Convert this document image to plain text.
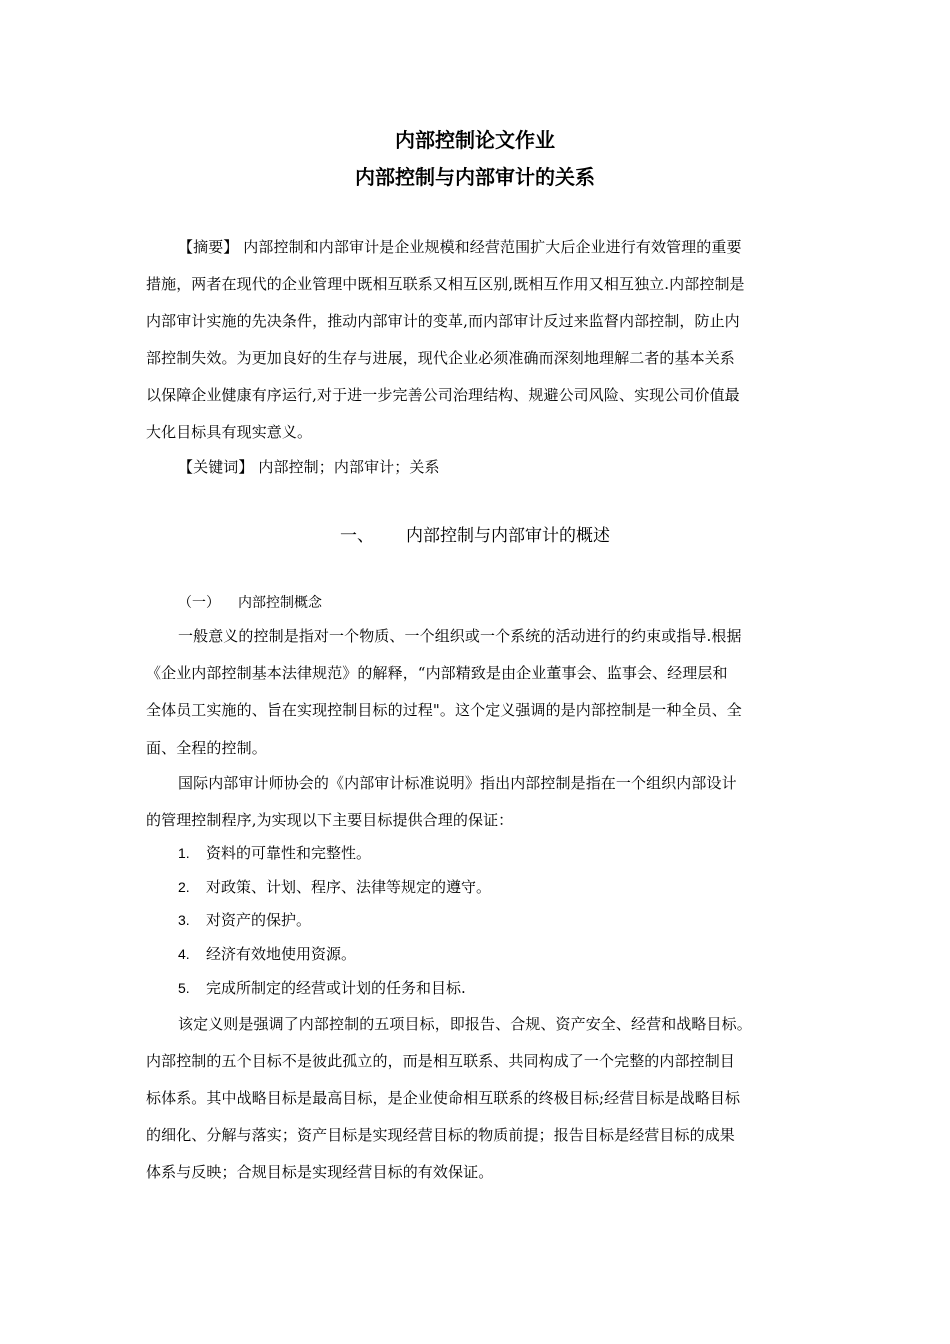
内部控制论文作业
内部控制与内部审计的关系
【摘要】 内部控制和内部审计是企业规模和经营范围扩大后企业进行有效管理的重要
措施，两者在现代的企业管理中既相互联系又相互区别,既相互作用又相互独立.内部控制是
内部审计实施的先决条件，推动内部审计的变革,而内部审计反过来监督内部控制，防止内
部控制失效。为更加良好的生存与进展，现代企业必须准确而深刻地理解二者的基本关系
以保障企业健康有序运行,对于进一步完善公司治理结构、规避公司风险、实现公司价值最
大化目标具有现实意义。
【关键词】 内部控制；内部审计；关系
一、 内部控制与内部审计的概述
（一） 内部控制概念
一般意义的控制是指对一个物质、一个组织或一个系统的活动进行的约束或指导.根据
《企业内部控制基本法律规范》的解释，“内部精致是由企业董事会、监事会、经理层和
全体员工实施的、旨在实现控制目标的过程"。这个定义强调的是内部控制是一种全员、全
面、全程的控制。
国际内部审计师协会的《内部审计标准说明》指出内部控制是指在一个组织内部设计
的管理控制程序,为实现以下主要目标提供合理的保证：
1. 资料的可靠性和完整性。
2. 对政策、计划、程序、法律等规定的遵守。
3. 对资产的保护。
4. 经济有效地使用资源。
5. 完成所制定的经营或计划的任务和目标.
该定义则是强调了内部控制的五项目标，即报告、合规、资产安全、经营和战略目标。
内部控制的五个目标不是彼此孤立的，而是相互联系、共同构成了一个完整的内部控制目
标体系。其中战略目标是最高目标，是企业使命相互联系的终极目标;经营目标是战略目标
的细化、分解与落实；资产目标是实现经营目标的物质前提；报告目标是经营目标的成果
体系与反映；合规目标是实现经营目标的有效保证。
